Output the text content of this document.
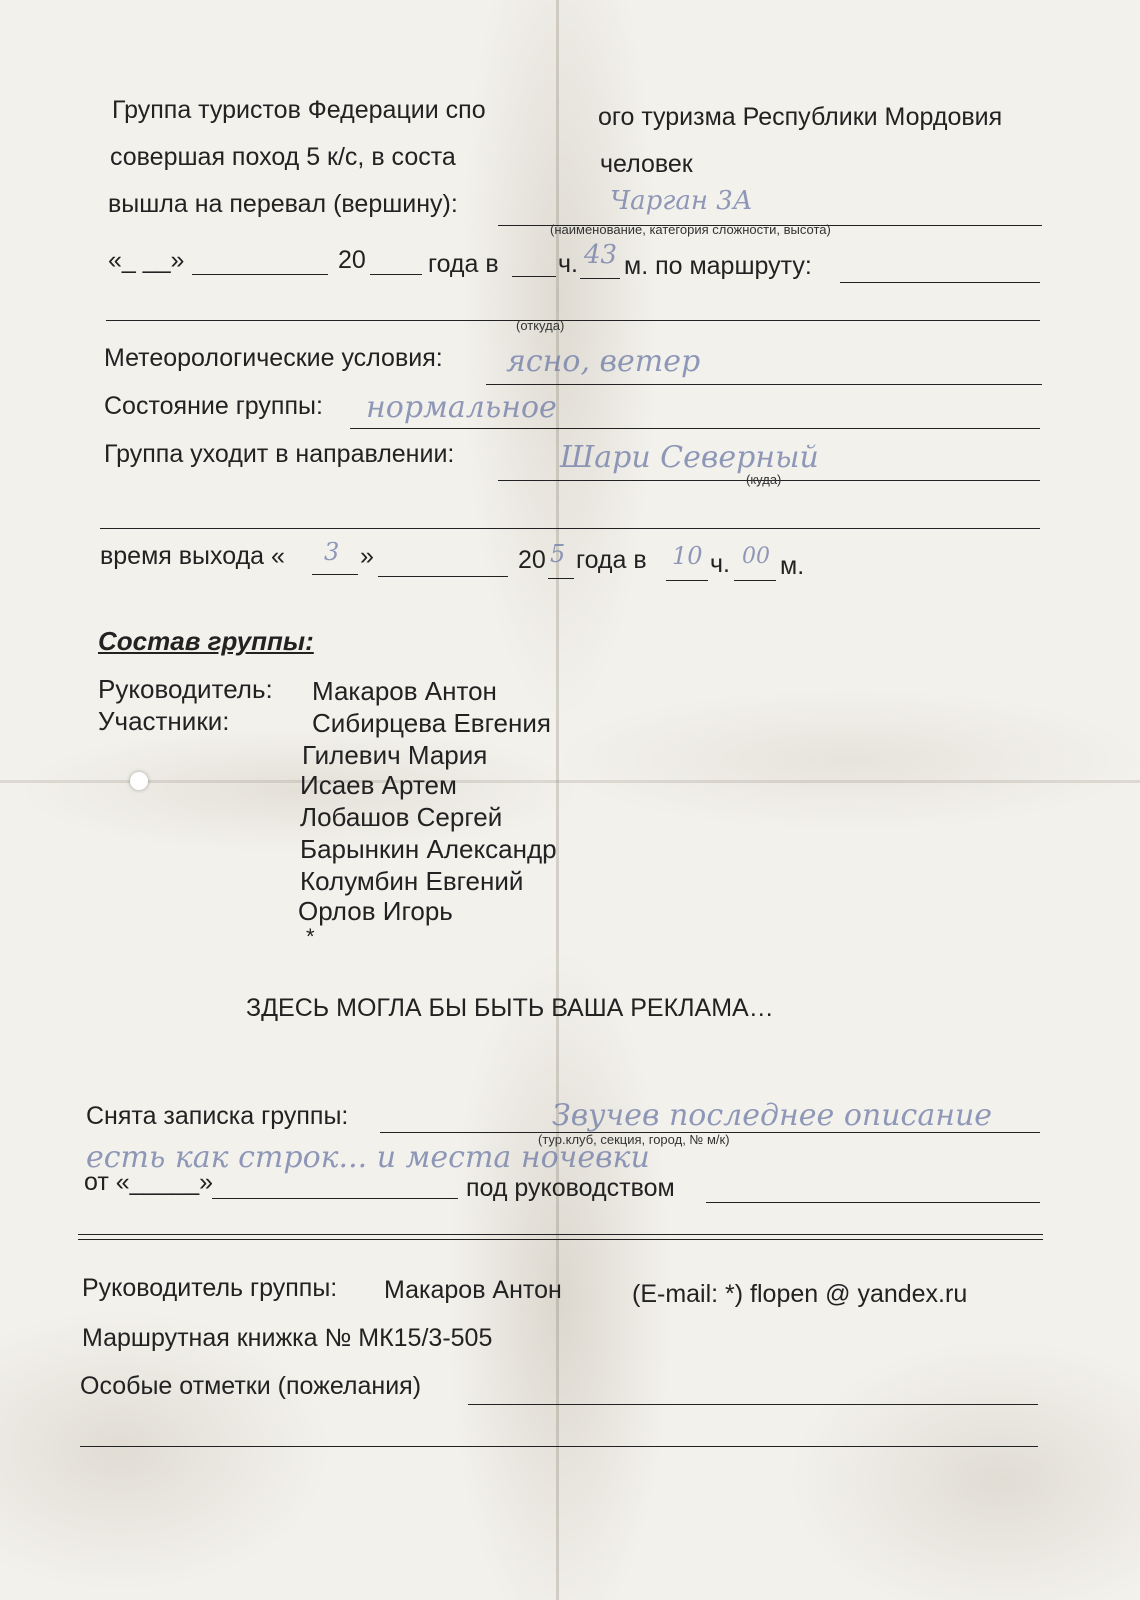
Группа туристов Федерации спо	ого туризма Республики Мордовия
совершая поход 5 к/с, в соста	человек
вышла на перевал (вершину):	Чарган 3А
(наименование, категория сложности, высота)
«_ __»	20 года в ч. 43 м. по маршруту:
(откуда)
Метеорологические условия: ясно, ветер
Состояние группы: нормальное
Группа уходит в направлении:	Шари Северный
(куда)
время выхода « 3 »	20 5 года в 10 ч. 00 м.
Состав группы:
Руководитель: Макаров Антон
Участники:	Сибирцева Евгения
Гилевич Мария
Исаев Артем
Лобашов Сергей
Барынкин Александр
Колумбин Евгений
Орлов Игорь
*
ЗДЕСЬ МОГЛА БЫ БЫТЬ ВАША РЕКЛАМА…
Снята записка группы:	Звучев последнее описание
(тур.клуб, секция, город, № м/к)
есть как строк... и места ночевки
от «_____»	под руководством
Руководитель группы: Макаров Антон	(E-mail: *) flopen @ yandex.ru
Маршрутная книжка № МК15/3-505
Особые отметки (пожелания)
